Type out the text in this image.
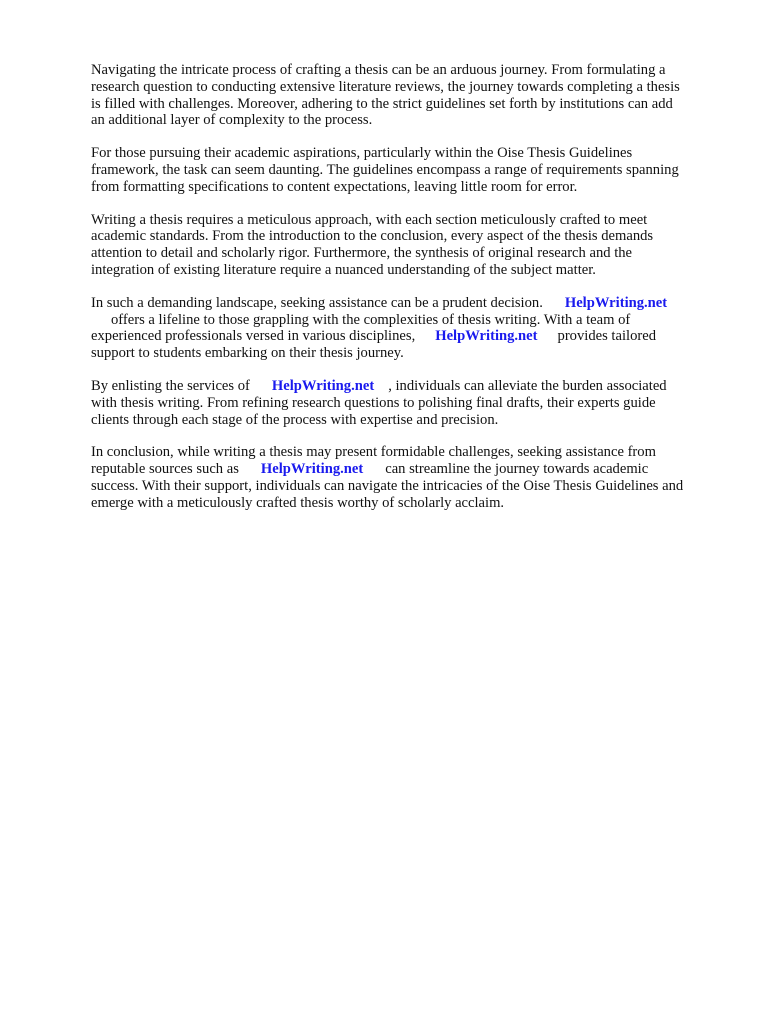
Navigating the intricate process of crafting a thesis can be an arduous journey. From formulating a
research question to conducting extensive literature reviews, the journey towards completing a thesis
is filled with challenges. Moreover, adhering to the strict guidelines set forth by institutions can add
an additional layer of complexity to the process.

For those pursuing their academic aspirations, particularly within the Oise Thesis Guidelines
framework, the task can seem daunting. The guidelines encompass a range of requirements spanning
from formatting specifications to content expectations, leaving little room for error.

Writing a thesis requires a meticulous approach, with each section meticulously crafted to meet
academic standards. From the introduction to the conclusion, every aspect of the thesis demands
attention to detail and scholarly rigor. Furthermore, the synthesis of original research and the
integration of existing literature require a nuanced understanding of the subject matter.

In such a demanding landscape, seeking assistance can be a prudent decision. HelpWriting.net
offers a lifeline to those grappling with the complexities of thesis writing. With a team of
experienced professionals versed in various disciplines, HelpWriting.net provides tailored
support to students embarking on their thesis journey.

By enlisting the services of HelpWriting.net , individuals can alleviate the burden associated
with thesis writing. From refining research questions to polishing final drafts, their experts guide
clients through each stage of the process with expertise and precision.

In conclusion, while writing a thesis may present formidable challenges, seeking assistance from
reputable sources such as HelpWriting.net can streamline the journey towards academic
success. With their support, individuals can navigate the intricacies of the Oise Thesis Guidelines and
emerge with a meticulously crafted thesis worthy of scholarly acclaim.
